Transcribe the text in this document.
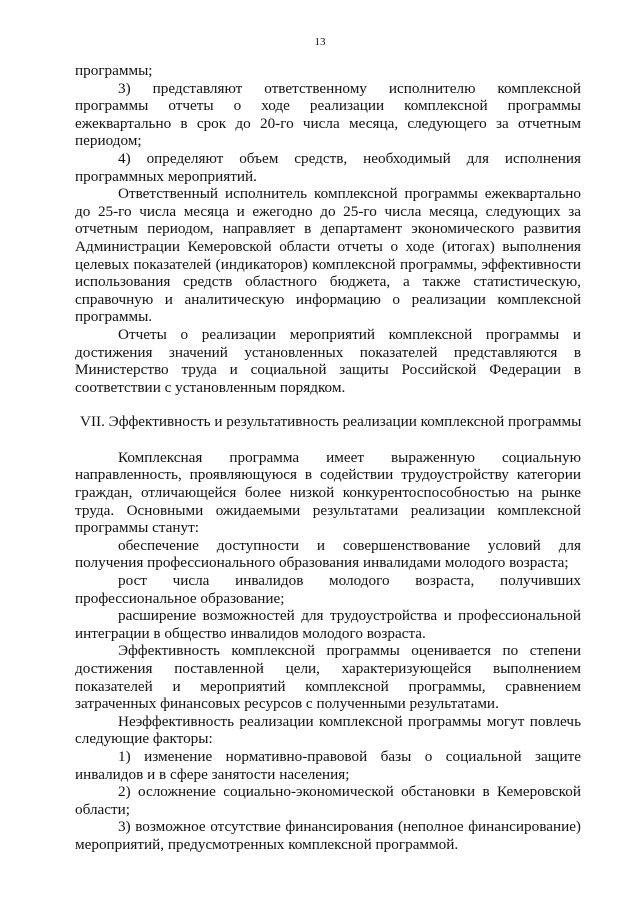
13

программы;

3) представляют ответственному исполнителю комплексной программы отчеты о ходе реализации комплексной программы ежеквартально в срок до 20-го числа месяца, следующего за отчетным периодом;

4) определяют объем средств, необходимый для исполнения программных мероприятий.

Ответственный исполнитель комплексной программы ежеквартально до 25-го числа месяца и ежегодно до 25-го числа месяца, следующих за отчетным периодом, направляет в департамент экономического развития Администрации Кемеровской области отчеты о ходе (итогах) выполнения целевых показателей (индикаторов) комплексной программы, эффективности использования средств областного бюджета, а также статистическую, справочную и аналитическую информацию о реализации комплексной программы.

Отчеты о реализации мероприятий комплексной программы и достижения значений установленных показателей представляются в Министерство труда и социальной защиты Российской Федерации в соответствии с установленным порядком.

VII. Эффективность и результативность реализации комплексной программы

Комплексная программа имеет выраженную социальную направленность, проявляющуюся в содействии трудоустройству категории граждан, отличающейся более низкой конкурентоспособностью на рынке труда. Основными ожидаемыми результатами реализации комплексной программы станут:

обеспечение доступности и совершенствование условий для получения профессионального образования инвалидами молодого возраста;

рост числа инвалидов молодого возраста, получивших профессиональное образование;

расширение возможностей для трудоустройства и профессиональной интеграции в общество инвалидов молодого возраста.

Эффективность комплексной программы оценивается по степени достижения поставленной цели, характеризующейся выполнением показателей и мероприятий комплексной программы, сравнением затраченных финансовых ресурсов с полученными результатами.

Неэффективность реализации комплексной программы могут повлечь следующие факторы:

1) изменение нормативно-правовой базы о социальной защите инвалидов и в сфере занятости населения;

2) осложнение социально-экономической обстановки в Кемеровской области;

3) возможное отсутствие финансирования (неполное финансирование) мероприятий, предусмотренных комплексной программой.
